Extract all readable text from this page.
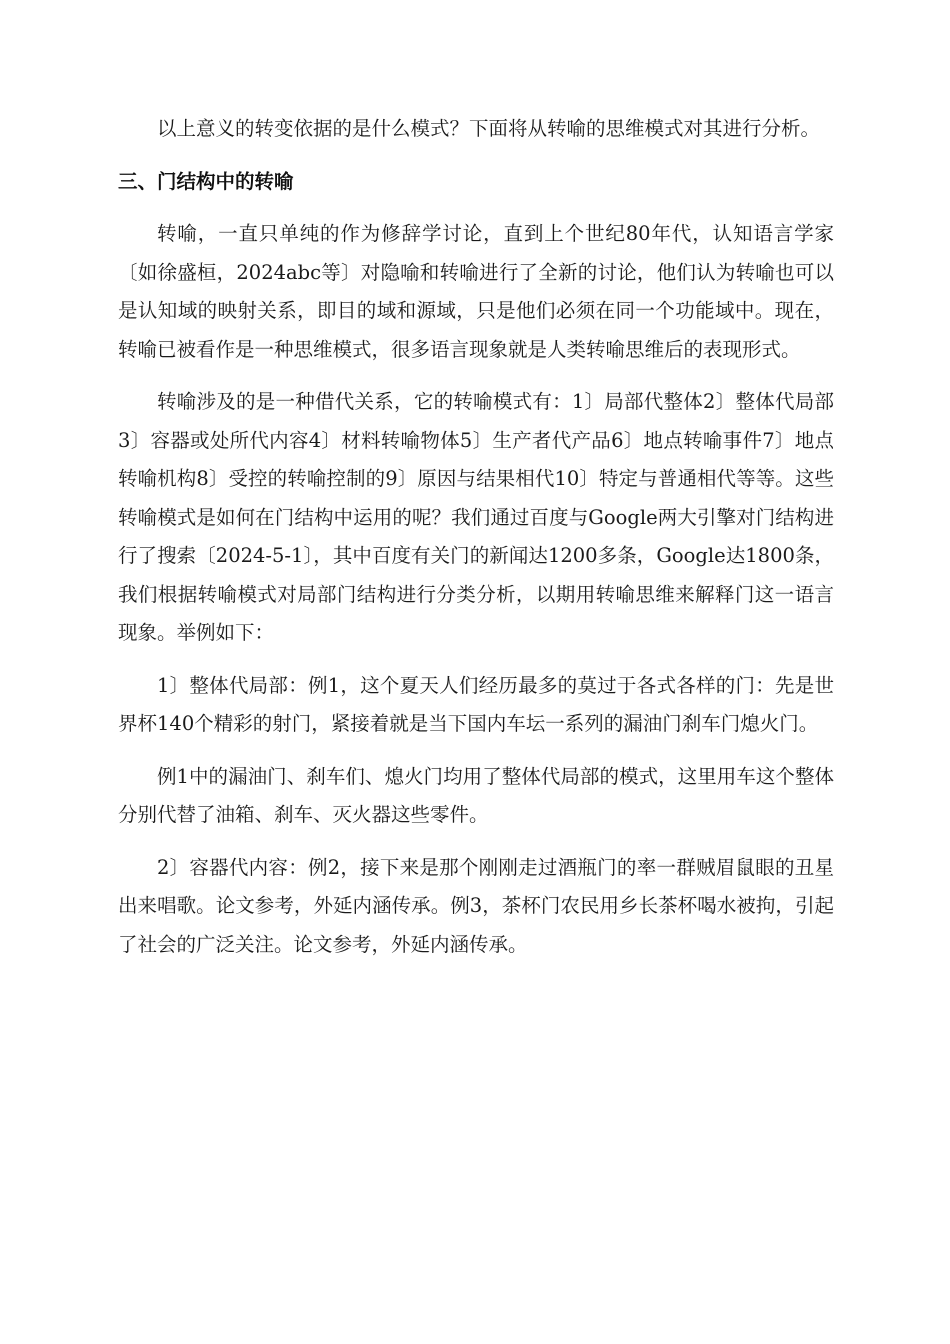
以上意义的转变依据的是什么模式？下面将从转喻的思维模式对其进行分析。

三、门结构中的转喻

转喻，一直只单纯的作为修辞学讨论，直到上个世纪80年代，认知语言学家〔如徐盛桓，2024abc等〕对隐喻和转喻进行了全新的讨论，他们认为转喻也可以是认知域的映射关系，即目的域和源域，只是他们必须在同一个功能域中。现在，转喻已被看作是一种思维模式，很多语言现象就是人类转喻思维后的表现形式。

转喻涉及的是一种借代关系，它的转喻模式有：1〕局部代整体2〕整体代局部3〕容器或处所代内容4〕材料转喻物体5〕生产者代产品6〕地点转喻事件7〕地点转喻机构8〕受控的转喻控制的9〕原因与结果相代10〕特定与普通相代等等。这些转喻模式是如何在门结构中运用的呢？我们通过百度与Google两大引擎对门结构进行了搜索〔2024-5-1〕，其中百度有关门的新闻达1200多条，Google达1800条，我们根据转喻模式对局部门结构进行分类分析，以期用转喻思维来解释门这一语言现象。举例如下：

1〕整体代局部：例1，这个夏天人们经历最多的莫过于各式各样的门：先是世界杯140个精彩的射门，紧接着就是当下国内车坛一系列的漏油门刹车门熄火门。

例1中的漏油门、刹车们、熄火门均用了整体代局部的模式，这里用车这个整体分别代替了油箱、刹车、灭火器这些零件。

2〕容器代内容：例2，接下来是那个刚刚走过酒瓶门的率一群贼眉鼠眼的丑星出来唱歌。论文参考，外延内涵传承。例3，茶杯门农民用乡长茶杯喝水被拘，引起了社会的广泛关注。论文参考，外延内涵传承。
